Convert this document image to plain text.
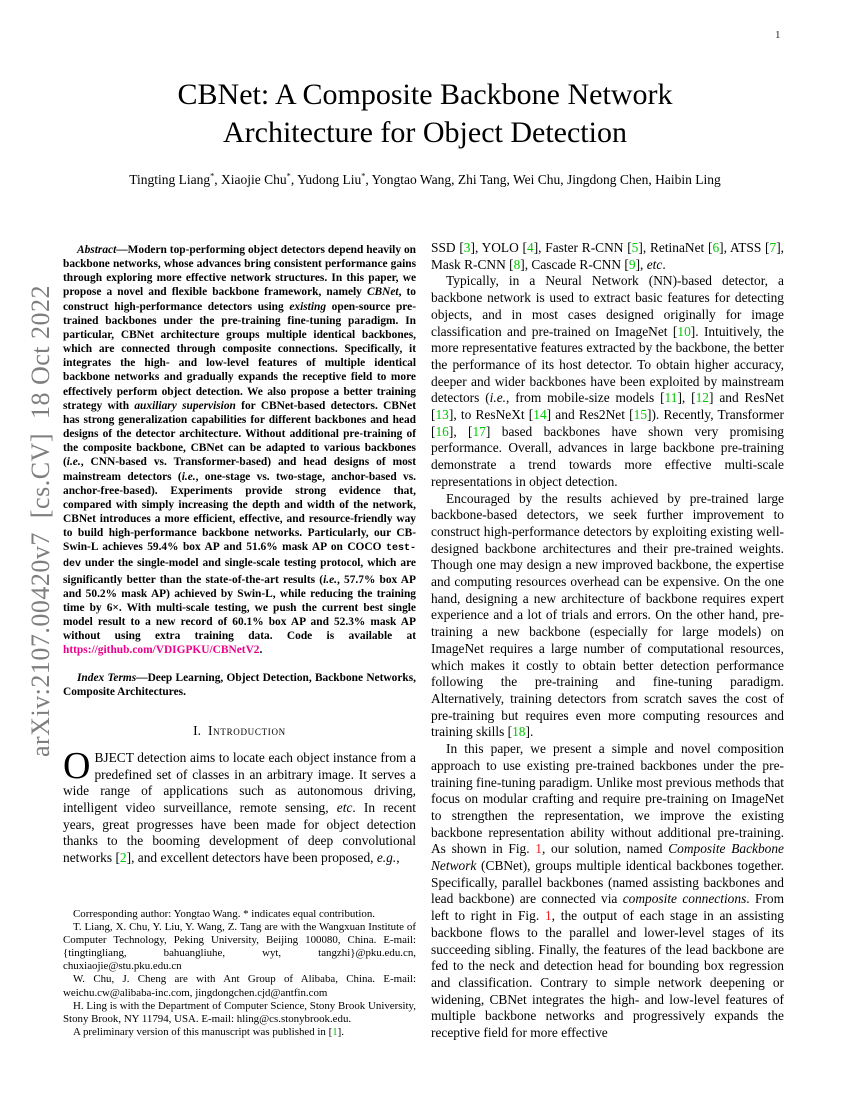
1
arXiv:2107.00420v7  [cs.CV]  18 Oct 2022
CBNet: A Composite Backbone Network
Architecture for Object Detection
Tingting Liang*, Xiaojie Chu*, Yudong Liu*, Yongtao Wang, Zhi Tang, Wei Chu, Jingdong Chen, Haibin Ling

Abstract—Modern top-performing object detectors depend heavily on backbone networks, whose advances bring consistent performance gains through exploring more effective network structures. In this paper, we propose a novel and flexible backbone framework, namely CBNet, to construct high-performance detectors using existing open-source pre-trained backbones under the pre-training fine-tuning paradigm. In particular, CBNet architecture groups multiple identical backbones, which are connected through composite connections. Specifically, it integrates the high- and low-level features of multiple identical backbone networks and gradually expands the receptive field to more effectively perform object detection. We also propose a better training strategy with auxiliary supervision for CBNet-based detectors. CBNet has strong generalization capabilities for different backbones and head designs of the detector architecture. Without additional pre-training of the composite backbone, CBNet can be adapted to various backbones (i.e., CNN-based vs. Transformer-based) and head designs of most mainstream detectors (i.e., one-stage vs. two-stage, anchor-based vs. anchor-free-based). Experiments provide strong evidence that, compared with simply increasing the depth and width of the network, CBNet introduces a more efficient, effective, and resource-friendly way to build high-performance backbone networks. Particularly, our CB-Swin-L achieves 59.4% box AP and 51.6% mask AP on COCO test-dev under the single-model and single-scale testing protocol, which are significantly better than the state-of-the-art results (i.e., 57.7% box AP and 50.2% mask AP) achieved by Swin-L, while reducing the training time by 6×. With multi-scale testing, we push the current best single model result to a new record of 60.1% box AP and 52.3% mask AP without using extra training data. Code is available at https://github.com/VDIGPKU/CBNetV2.

Index Terms—Deep Learning, Object Detection, Backbone Networks, Composite Architectures.

I. Introduction

OBJECT detection aims to locate each object instance from a predefined set of classes in an arbitrary image. It serves a wide range of applications such as autonomous driving, intelligent video surveillance, remote sensing, etc. In recent years, great progresses have been made for object detection thanks to the booming development of deep convolutional networks [2], and excellent detectors have been proposed, e.g.,

SSD [3], YOLO [4], Faster R-CNN [5], RetinaNet [6], ATSS [7], Mask R-CNN [8], Cascade R-CNN [9], etc.

Typically, in a Neural Network (NN)-based detector, a backbone network is used to extract basic features for detecting objects, and in most cases designed originally for image classification and pre-trained on ImageNet [10]. Intuitively, the more representative features extracted by the backbone, the better the performance of its host detector. To obtain higher accuracy, deeper and wider backbones have been exploited by mainstream detectors (i.e., from mobile-size models [11], [12] and ResNet [13], to ResNeXt [14] and Res2Net [15]). Recently, Transformer [16], [17] based backbones have shown very promising performance. Overall, advances in large backbone pre-training demonstrate a trend towards more effective multi-scale representations in object detection.

Encouraged by the results achieved by pre-trained large backbone-based detectors, we seek further improvement to construct high-performance detectors by exploiting existing well-designed backbone architectures and their pre-trained weights. Though one may design a new improved backbone, the expertise and computing resources overhead can be expensive. On the one hand, designing a new architecture of backbone requires expert experience and a lot of trials and errors. On the other hand, pre-training a new backbone (especially for large models) on ImageNet requires a large number of computational resources, which makes it costly to obtain better detection performance following the pre-training and fine-tuning paradigm. Alternatively, training detectors from scratch saves the cost of pre-training but requires even more computing resources and training skills [18].

In this paper, we present a simple and novel composition approach to use existing pre-trained backbones under the pre-training fine-tuning paradigm. Unlike most previous methods that focus on modular crafting and require pre-training on ImageNet to strengthen the representation, we improve the existing backbone representation ability without additional pre-training. As shown in Fig. 1, our solution, named Composite Backbone Network (CBNet), groups multiple identical backbones together. Specifically, parallel backbones (named assisting backbones and lead backbone) are connected via composite connections. From left to right in Fig. 1, the output of each stage in an assisting backbone flows to the parallel and lower-level stages of its succeeding sibling. Finally, the features of the lead backbone are fed to the neck and detection head for bounding box regression and classification. Contrary to simple network deepening or widening, CBNet integrates the high- and low-level features of multiple backbone networks and progressively expands the receptive field for more effective

Corresponding author: Yongtao Wang. * indicates equal contribution.

T. Liang, X. Chu, Y. Liu, Y. Wang, Z. Tang are with the Wangxuan Institute of Computer Technology, Peking University, Beijing 100080, China. E-mail: {tingtingliang, bahuangliuhe, wyt, tangzhi}@pku.edu.cn, chuxiaojie@stu.pku.edu.cn

W. Chu, J. Cheng are with Ant Group of Alibaba, China. E-mail: weichu.cw@alibaba-inc.com, jingdongchen.cjd@antfin.com

H. Ling is with the Department of Computer Science, Stony Brook University, Stony Brook, NY 11794, USA. E-mail: hling@cs.stonybrook.edu.

A preliminary version of this manuscript was published in [1].
